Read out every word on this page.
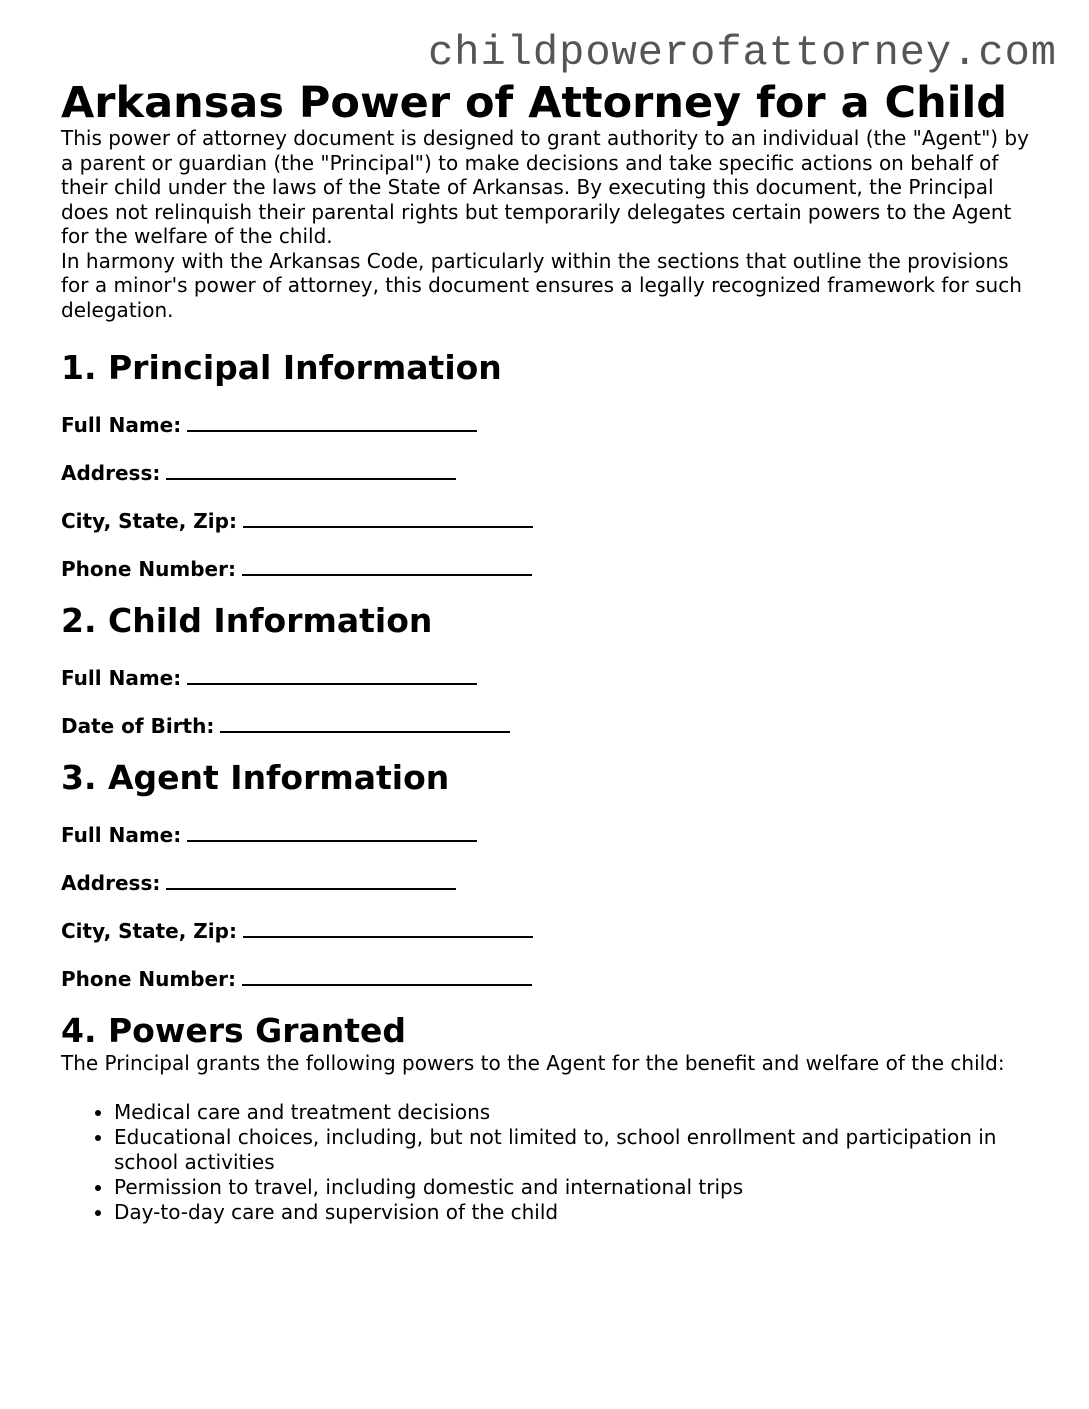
childpowerofattorney.com
Arkansas Power of Attorney for a Child

This power of attorney document is designed to grant authority to an individual (the "Agent") by a parent or guardian (the "Principal") to make decisions and take specific actions on behalf of their child under the laws of the State of Arkansas. By executing this document, the Principal does not relinquish their parental rights but temporarily delegates certain powers to the Agent for the welfare of the child.

In harmony with the Arkansas Code, particularly within the sections that outline the provisions for a minor's power of attorney, this document ensures a legally recognized framework for such delegation.

1. Principal Information
Full Name:
Address:
City, State, Zip:
Phone Number:
2. Child Information
Full Name:
Date of Birth:
3. Agent Information
Full Name:
Address:
City, State, Zip:
Phone Number:
4. Powers Granted

The Principal grants the following powers to the Agent for the benefit and welfare of the child:

• Medical care and treatment decisions
• Educational choices, including, but not limited to, school enrollment and participation in school activities
• Permission to travel, including domestic and international trips
• Day-to-day care and supervision of the child
